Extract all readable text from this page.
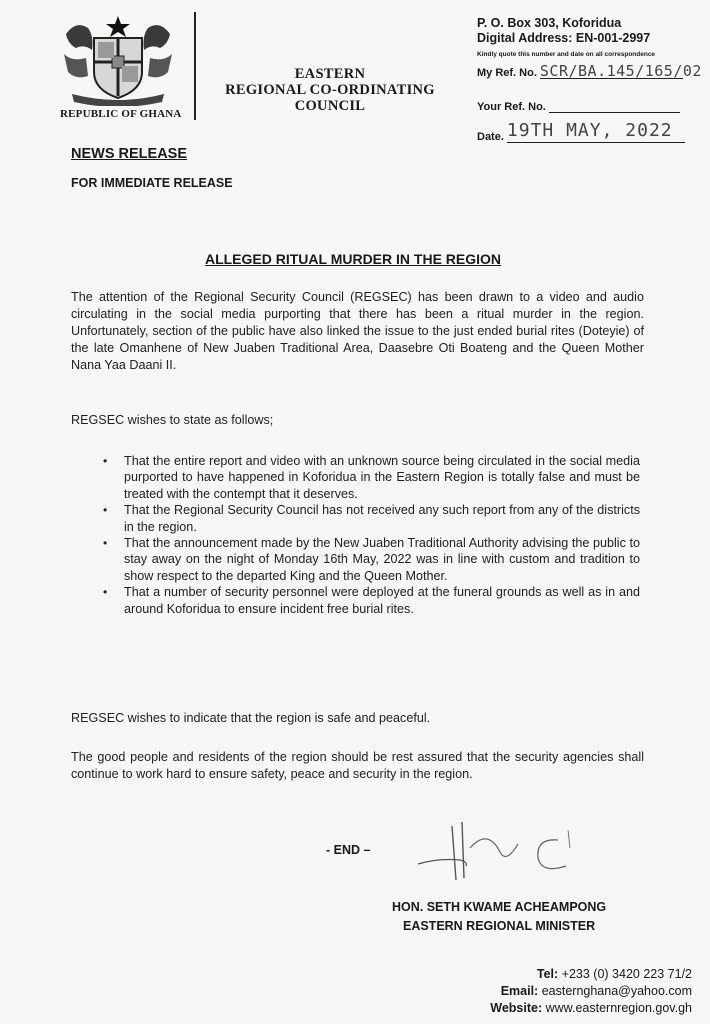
REPUBLIC OF GHANA
EASTERN
REGIONAL CO-ORDINATING
COUNCIL
P. O. Box 303, Koforidua
Digital Address: EN-001-2997
Kindly quote this number and date on all correspondence
My Ref. No. SCR/BA.145/165/02
Your Ref. No.
Date. 19TH MAY, 2022
NEWS RELEASE
FOR IMMEDIATE RELEASE
ALLEGED RITUAL MURDER IN THE REGION
The attention of the Regional Security Council (REGSEC) has been drawn to a video and audio circulating in the social media purporting that there has been a ritual murder in the region. Unfortunately, section of the public have also linked the issue to the just ended burial rites (Doteyie) of the late Omanhene of New Juaben Traditional Area, Daasebre Oti Boateng and the Queen Mother Nana Yaa Daani II.
REGSEC wishes to state as follows;
• That the entire report and video with an unknown source being circulated in the social media purported to have happened in Koforidua in the Eastern Region is totally false and must be treated with the contempt that it deserves.
• That the Regional Security Council has not received any such report from any of the districts in the region.
• That the announcement made by the New Juaben Traditional Authority advising the public to stay away on the night of Monday 16th May, 2022 was in line with custom and tradition to show respect to the departed King and the Queen Mother.
• That a number of security personnel were deployed at the funeral grounds as well as in and around Koforidua to ensure incident free burial rites.
REGSEC wishes to indicate that the region is safe and peaceful.
The good people and residents of the region should be rest assured that the security agencies shall continue to work hard to ensure safety, peace and security in the region.
- END –
HON. SETH KWAME ACHEAMPONG
EASTERN REGIONAL MINISTER
Tel: +233 (0) 3420 223 71/2
Email: easternghana@yahoo.com
Website: www.easternregion.gov.gh
